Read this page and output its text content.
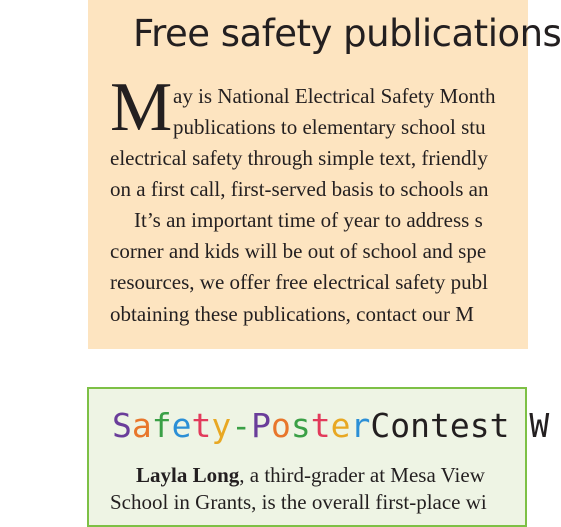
Free safety publications
M ay is National Electrical Safety Month
publications to elementary school stu
electrical safety through simple text, friendly
on a first call, first-served basis to schools an
It’s an important time of year to address s
corner and kids will be out of school and spe
resources, we offer free electrical safety publ
obtaining these publications, contact our M
Safety-PosterContest W
Layla Long, a third-grader at Mesa View
School in Grants, is the overall first-place wi
